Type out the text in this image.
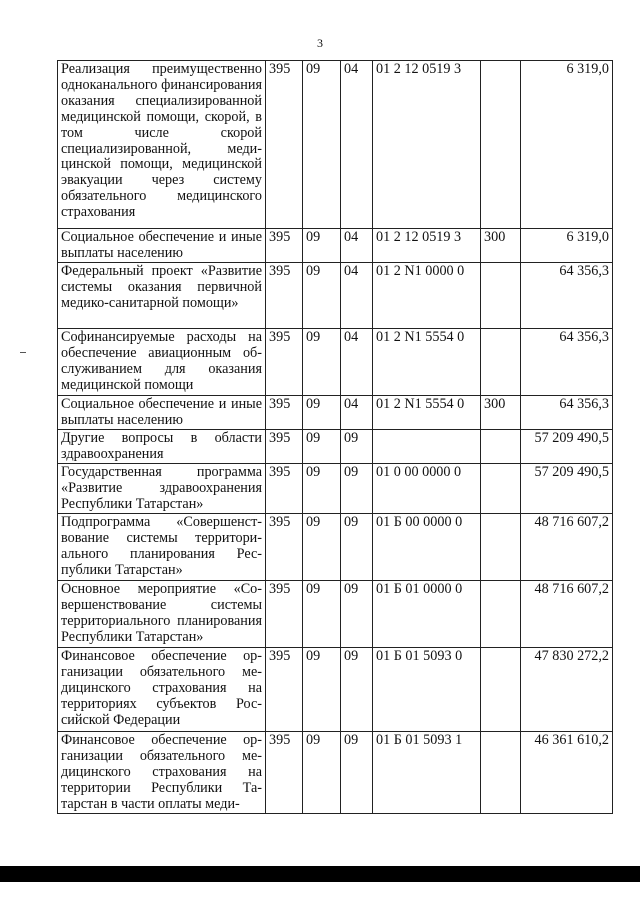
3
Реализация преимущественно одноканального финансирования оказания специализированной медицинской помощи, скорой, в том числе скорой специализированной, медицинской помощи, медицинской эвакуации через систему обязательного медицинского страхования	395	09	04	01 2 12 0519 3		6 319,0
Социальное обеспечение и иные выплаты населению	395	09	04	01 2 12 0519 3	300	6 319,0
Федеральный проект «Развитие системы оказания первичной медико-санитарной помощи»	395	09	04	01 2 N1 0000 0		64 356,3
Софинансируемые расходы на обеспечение авиационным обслуживанием для оказания медицинской помощи	395	09	04	01 2 N1 5554 0		64 356,3
Социальное обеспечение и иные выплаты населению	395	09	04	01 2 N1 5554 0	300	64 356,3
Другие вопросы в области здравоохранения	395	09	09			57 209 490,5
Государственная программа «Развитие здравоохранения Республики Татарстан»	395	09	09	01 0 00 0000 0		57 209 490,5
Подпрограмма «Совершенствование системы территориального планирования Республики Татарстан»	395	09	09	01 Б 00 0000 0		48 716 607,2
Основное мероприятие «Совершенствование системы территориального планирования Республики Татарстан»	395	09	09	01 Б 01 0000 0		48 716 607,2
Финансовое обеспечение организации обязательного медицинского страхования на территориях субъектов Российской Федерации	395	09	09	01 Б 01 5093 0		47 830 272,2
Финансовое обеспечение организации обязательного медицинского страхования на территории Республики Татарстан в части оплаты меди-	395	09	09	01 Б 01 5093 1		46 361 610,2
